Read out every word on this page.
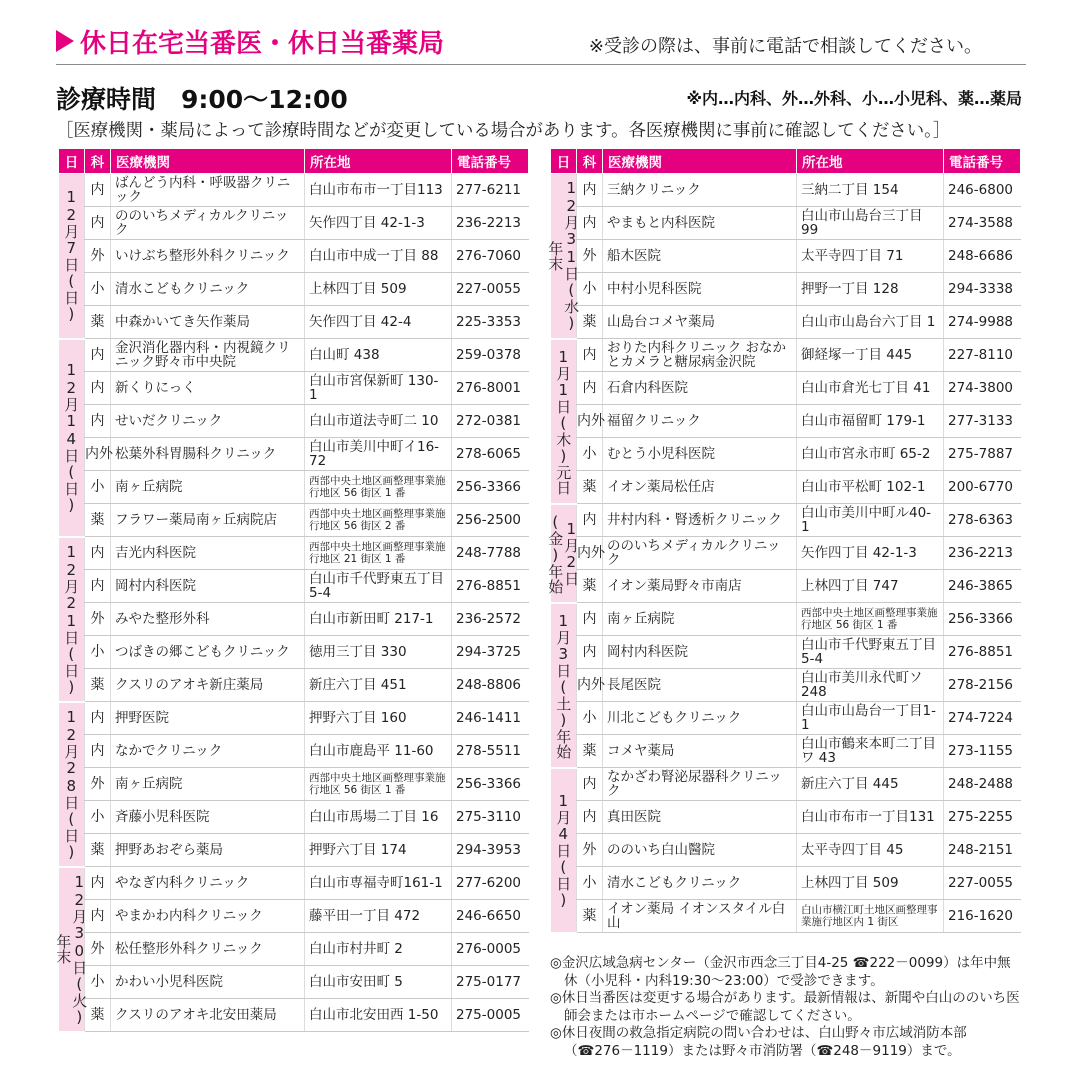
休日在宅当番医・休日当番薬局	※受診の際は、事前に電話で相談してください。
診療時間　9:00～12:00	※内…内科、外…外科、小…小児科、薬…薬局
［医療機関・薬局によって診療時間などが変更している場合があります。各医療機関に事前に確認してください。］
日	科	医療機関	所在地	電話番号
12月7日(日)	内	ばんどう内科・呼吸器クリニック	白山市布市一丁目113	277-6211
	内	ののいちメディカルクリニック	矢作四丁目 42-1-3	236-2213
	外	いけぶち整形外科クリニック	白山市中成一丁目 88	276-7060
	小	清水こどもクリニック	上林四丁目 509	227-0055
	薬	中森かいてき矢作薬局	矢作四丁目 42-4	225-3353
12月14日(日)	内	金沢消化器内科・内視鏡クリニック野々市中央院	白山町 438	259-0378
	内	新くりにっく	白山市宮保新町 130-1	276-8001
	内	せいだクリニック	白山市道法寺町二 10	272-0381
	内外	松葉外科胃腸科クリニック	白山市美川中町イ16-72	278-6065
	小	南ヶ丘病院	西部中央土地区画整理事業施行地区 56 街区 1 番	256-3366
	薬	フラワー薬局南ヶ丘病院店	西部中央土地区画整理事業施行地区 56 街区 2 番	256-2500
12月21日(日)	内	吉光内科医院	西部中央土地区画整理事業施行地区 21 街区 1 番	248-7788
	内	岡村内科医院	白山市千代野東五丁目 5-4	276-8851
	外	みやた整形外科	白山市新田町 217-1	236-2572
	小	つばきの郷こどもクリニック	徳用三丁目 330	294-3725
	薬	クスリのアオキ新庄薬局	新庄六丁目 451	248-8806
12月28日(日)	内	押野医院	押野六丁目 160	246-1411
	内	なかでクリニック	白山市鹿島平 11-60	278-5511
	外	南ヶ丘病院	西部中央土地区画整理事業施行地区 56 街区 1 番	256-3366
	小	斉藤小児科医院	白山市馬場二丁目 16	275-3110
	薬	押野あおぞら薬局	押野六丁目 174	294-3953
12月30日(火)年末	内	やなぎ内科クリニック	白山市専福寺町161-1	277-6200
	内	やまかわ内科クリニック	藤平田一丁目 472	246-6650
	外	松任整形外科クリニック	白山市村井町 2	276-0005
	小	かわい小児科医院	白山市安田町 5	275-0177
	薬	クスリのアオキ北安田薬局	白山市北安田西 1-50	275-0005
日	科	医療機関	所在地	電話番号
12月31日(水)年末	内	三納クリニック	三納二丁目 154	246-6800
	内	やまもと内科医院	白山市山島台三丁目99	274-3588
	外	船木医院	太平寺四丁目 71	248-6686
	小	中村小児科医院	押野一丁目 128	294-3338
	薬	山島台コメヤ薬局	白山市山島台六丁目 1	274-9988
1月1日(木)元日	内	おりた内科クリニック おなかとカメラと糖尿病金沢院	御経塚一丁目 445	227-8110
	内	石倉内科医院	白山市倉光七丁目 41	274-3800
	内外	福留クリニック	白山市福留町 179-1	277-3133
	小	むとう小児科医院	白山市宮永市町 65-2	275-7887
	薬	イオン薬局松任店	白山市平松町 102-1	200-6770
1月2日(金)年始	内	井村内科・腎透析クリニック	白山市美川中町ル40-1	278-6363
	内外	ののいちメディカルクリニック	矢作四丁目 42-1-3	236-2213
	薬	イオン薬局野々市南店	上林四丁目 747	246-3865
1月3日(土)年始	内	南ヶ丘病院	西部中央土地区画整理事業施行地区 56 街区 1 番	256-3366
	内	岡村内科医院	白山市千代野東五丁目 5-4	276-8851
	内外	長尾医院	白山市美川永代町ソ248	278-2156
	小	川北こどもクリニック	白山市山島台一丁目1-1	274-7224
	薬	コメヤ薬局	白山市鶴来本町二丁目ワ 43	273-1155
1月4日(日)	内	なかざわ腎泌尿器科クリニック	新庄六丁目 445	248-2488
	内	真田医院	白山市布市一丁目131	275-2255
	外	ののいち白山醫院	太平寺四丁目 45	248-2151
	小	清水こどもクリニック	上林四丁目 509	227-0055
	薬	イオン薬局 イオンスタイル白山	白山市横江町土地区画整理事業施行地区内 1 街区	216-1620

◎金沢広域急病センター（金沢市西念三丁目4-25 ☎222－0099）は年中無休（小児科・内科19:30～23:00）で受診できます。

◎休日当番医は変更する場合があります。最新情報は、新聞や白山ののいち医師会または市ホームページで確認してください。

◎休日夜間の救急指定病院の問い合わせは、白山野々市広域消防本部（☎276－1119）または野々市消防署（☎248－9119）まで。
